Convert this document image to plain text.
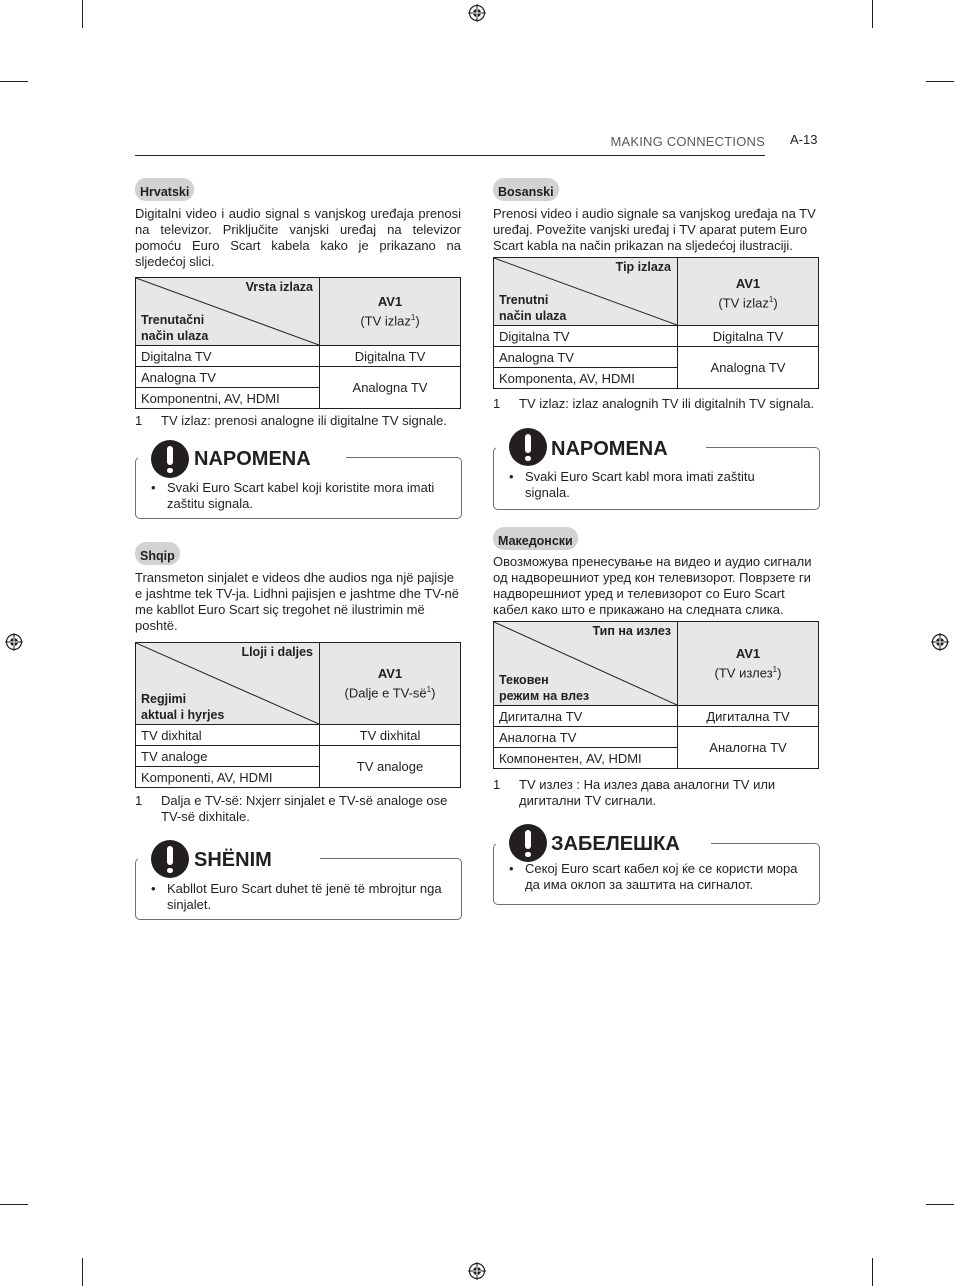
MAKING CONNECTIONS A-13
Hrvatski
Digitalni video i audio signal s vanjskog uređaja prenosi na televizor. Priključite vanjski uređaj na televizor pomoću Euro Scart kabela kako je prikazano na sljedećoj slici.
Vrsta izlaza
Trenutačni
način ulaza	AV1
(TV izlaz$^1$)
Digitalna TV	Digitalna TV
Analogna TV	Analogna TV
Komponentni, AV, HDMI	
1 TV izlaz: prenosi analogne ili digitalne TV signale.
NAPOMENA
• Svaki Euro Scart kabel koji koristite mora imati zaštitu signala.
Shqip
Transmeton sinjalet e videos dhe audios nga një pajisje e jashtme tek TV-ja. Lidhni pajisjen e jashtme dhe TV-në me kabllot Euro Scart siç tregohet në ilustrimin më poshtë.
Lloji i daljes
Regjimi
aktual i hyrjes	AV1
(Dalje e $TV-së^1$)
TV dixhital	TV dixhital
TV analoge	TV analoge
Komponenti, AV, HDMI	
1 Dalja e TV-së: Nxjerr sinjalet e TV-së analoge ose TV-së dixhitale.
SHËNIM
• Kabllot Euro Scart duhet të jenë të mbrojtur nga sinjalet.
Bosanski
Prenosi video i audio signale sa vanjskog uređaja na TV uređaj. Povežite vanjski uređaj i TV aparat putem Euro Scart kabla na način prikazan na sljedećoj ilustraciji.
Tip izlaza
Trenutni
način ulaza	AV1
(TV izlaz$^1$)
Digitalna TV	Digitalna TV
Analogna TV	Analogna TV
Komponenta, AV, HDMI	
1 TV izlaz: izlaz analognih TV ili digitalnih TV signala.
NAPOMENA
• Svaki Euro Scart kabl mora imati zaštitu signala.
Македонски
Овозможува пренесување на видео и аудио сигнали од надворешниот уред кон телевизорот. Поврзете ги надворешниот уред и телевизорот со Euro Scart кабел како што е прикажано на следната слика.
Тип на излез
Тековен
режим на влез	AV1
(TV излез$^1$)
Дигитална TV	Дигитална TV
Аналогна TV	Аналогна TV
Компонентен, AV, HDMI	
1 TV излез : На излез дава аналогни TV или дигитални TV сигнали.
ЗАБЕЛЕШКА
• Секој Euro scart кабел кој ќе се користи мора да има оклоп за заштита на сигналот.
